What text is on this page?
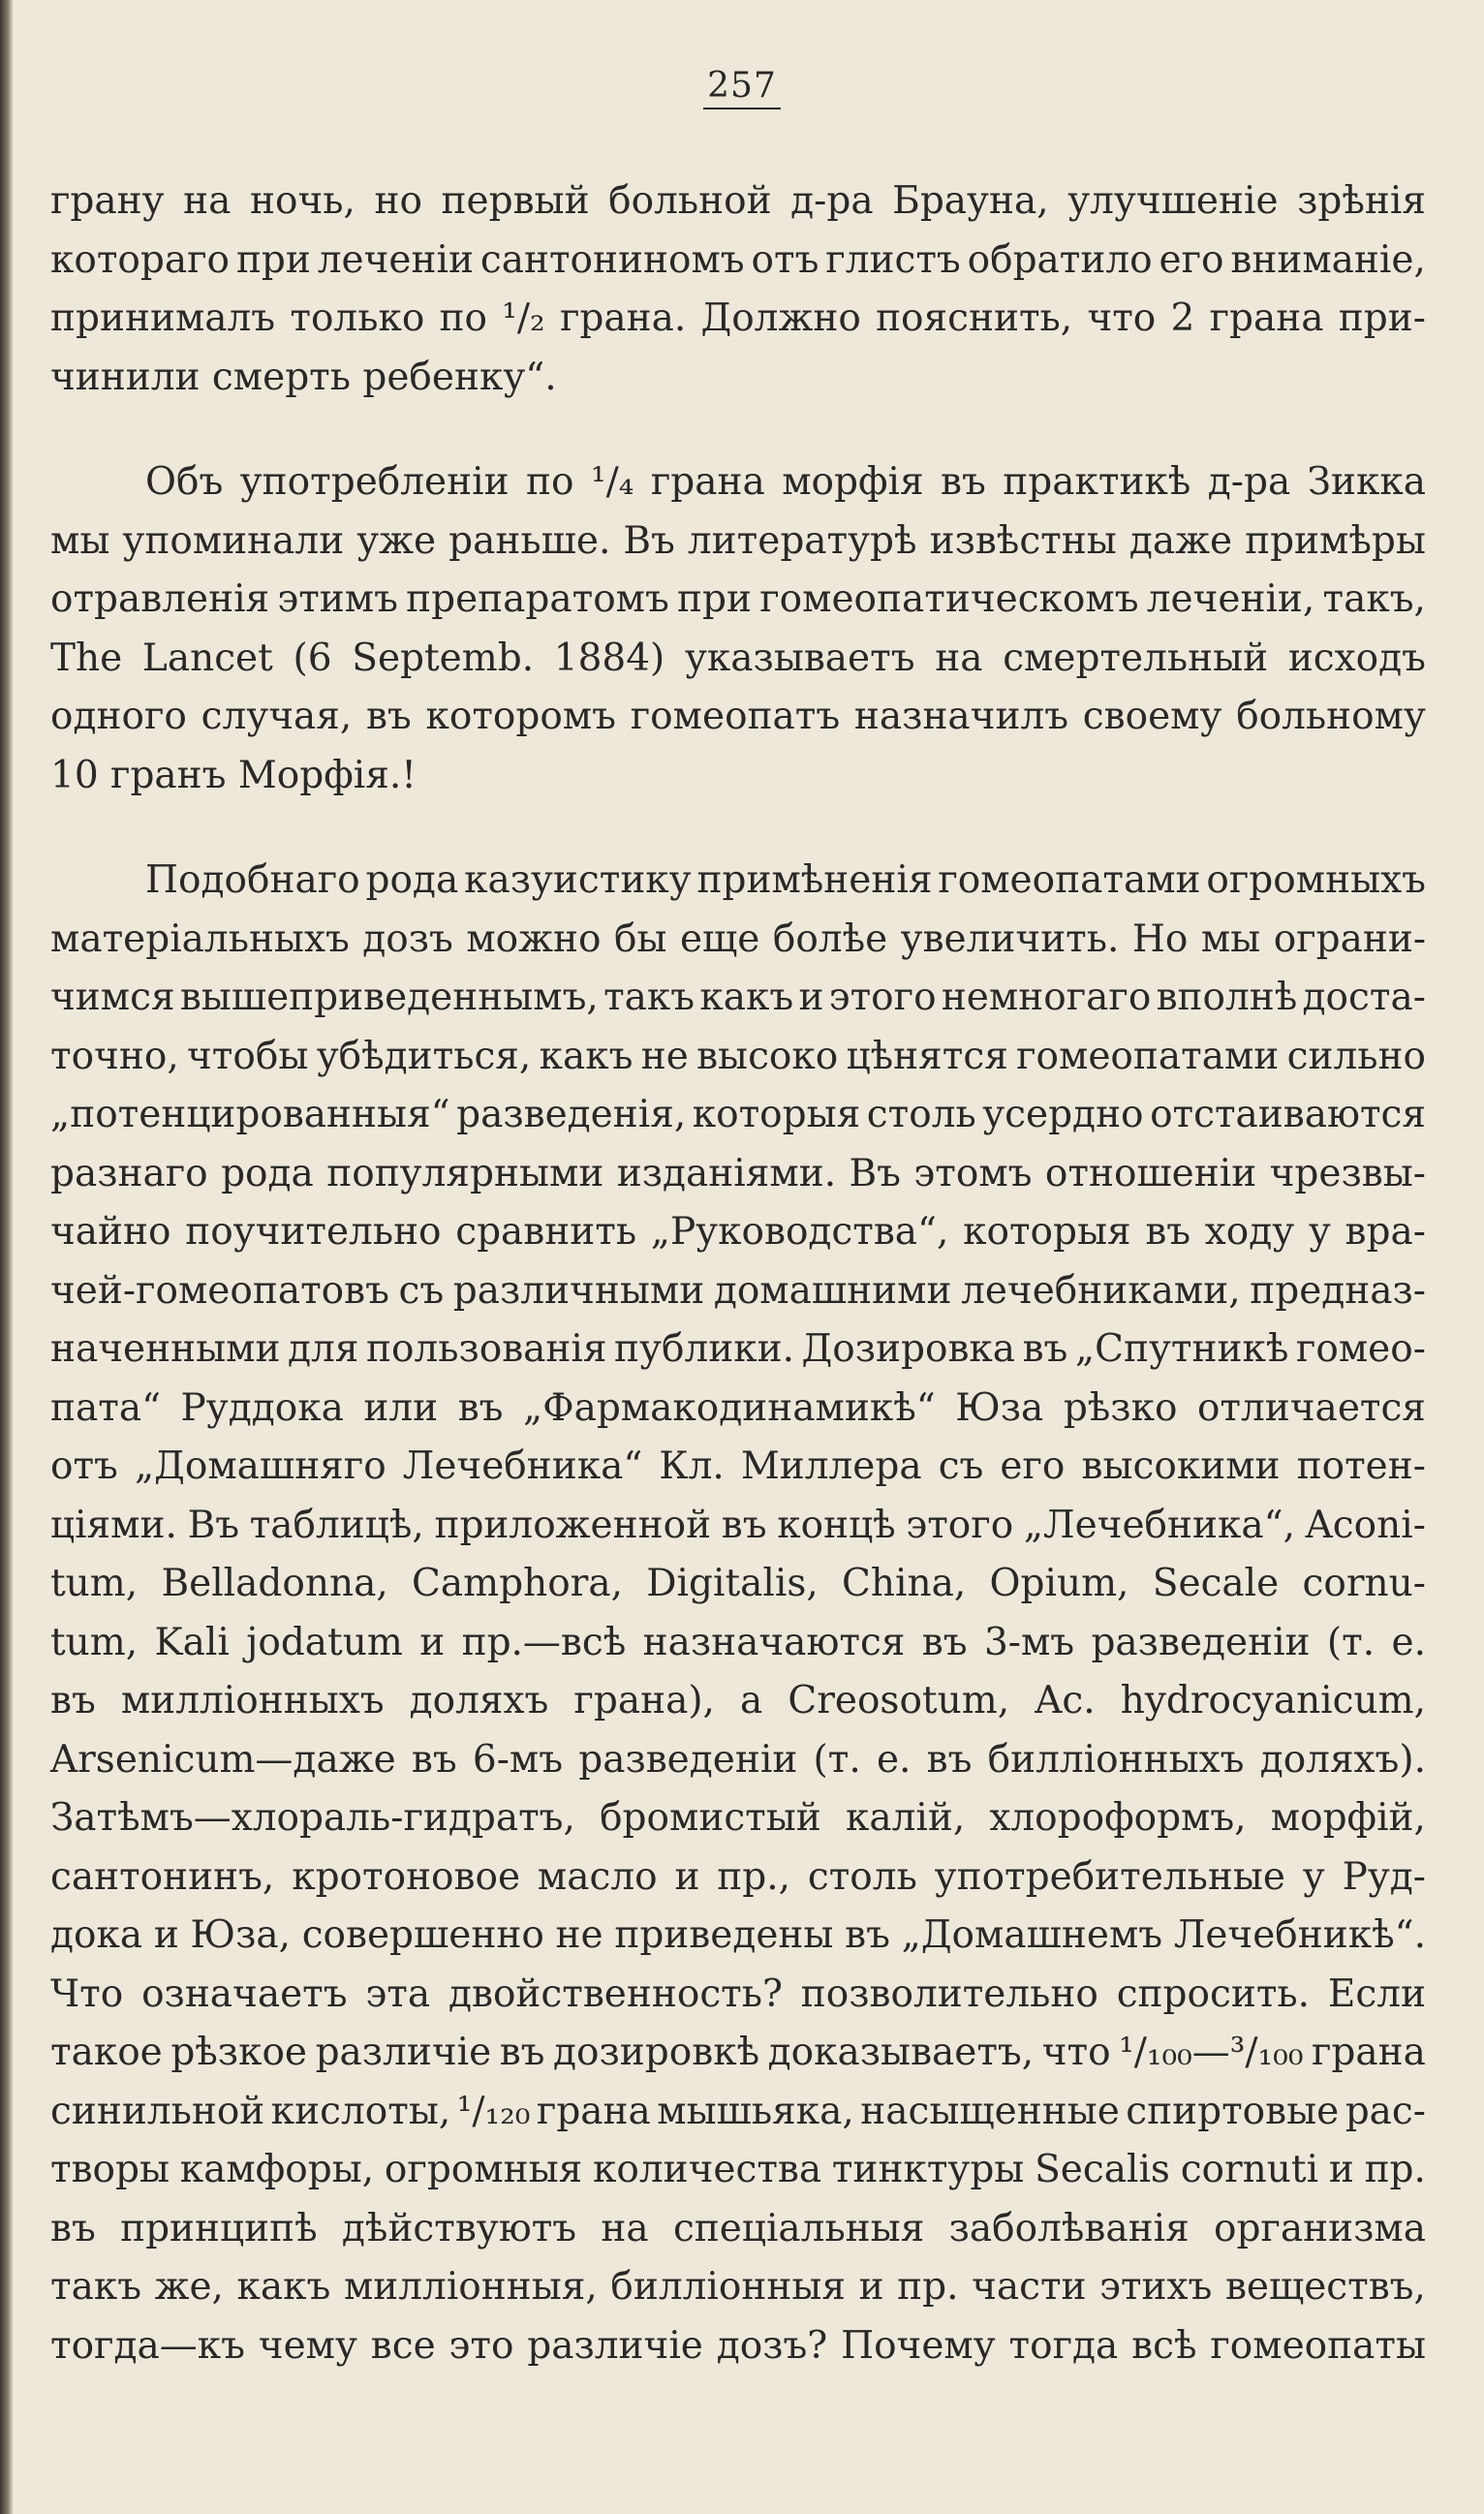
257
грану на ночь, но первый больной д-ра Брауна, улучшеніе зрѣнія
котораго при леченіи сантониномъ отъ глистъ обратило его вниманіе,
принималъ только по ¹/₂ грана. Должно пояснить, что 2 грана при-
чинили смерть ребенку“.
Объ употребленіи по ¹/₄ грана морфія въ практикѣ д-ра Зикка
мы упоминали уже раньше. Въ литературѣ извѣстны даже примѣры
отравленія этимъ препаратомъ при гомеопатическомъ леченіи, такъ,
The Lancet (6 Septemb. 1884) указываетъ на смертельный исходъ
одного случая, въ которомъ гомеопатъ назначилъ своему больному
10 гранъ Морфія.!
Подобнаго рода казуистику примѣненія гомеопатами огромныхъ
матеріальныхъ дозъ можно бы еще болѣе увеличить. Но мы ограни-
чимся вышеприведеннымъ, такъ какъ и этого немногаго вполнѣ доста-
точно, чтобы убѣдиться, какъ не высоко цѣнятся гомеопатами сильно
„потенцированныя“ разведенія, которыя столь усердно отстаиваются
разнаго рода популярными изданіями. Въ этомъ отношеніи чрезвы-
чайно поучительно сравнить „Руководства“, которыя въ ходу у вра-
чей-гомеопатовъ съ различными домашними лечебниками, предназ-
наченными для пользованія публики. Дозировка въ „Спутникѣ гомео-
пата“ Руддока или въ „Фармакодинамикѣ“ Юза рѣзко отличается
отъ „Домашняго Лечебника“ Кл. Миллера съ его высокими потен-
ціями. Въ таблицѣ, приложенной въ концѣ этого „Лечебника“, Aconi-
tum, Belladonna, Camphora, Digitalis, China, Opium, Secale cornu-
tum, Kali jodatum и пр.—всѣ назначаются въ 3-мъ разведеніи (т. е.
въ милліонныхъ доляхъ грана), а Creosotum, Ac. hydrocyanicum,
Arsenicum—даже въ 6-мъ разведеніи (т. е. въ билліонныхъ доляхъ).
Затѣмъ—хлораль-гидратъ, бромистый калій, хлороформъ, морфій,
сантонинъ, кротоновое масло и пр., столь употребительные у Руд-
дока и Юза, совершенно не приведены въ „Домашнемъ Лечебникѣ“.
Что означаетъ эта двойственность? позволительно спросить. Если
такое рѣзкое различіе въ дозировкѣ доказываетъ, что ¹/₁₀₀—³/₁₀₀ грана
синильной кислоты, ¹/₁₂₀ грана мышьяка, насыщенные спиртовые рас-
творы камфоры, огромныя количества тинктуры Secalis cornuti и пр.
въ принципѣ дѣйствуютъ на спеціальныя заболѣванія организма
такъ же, какъ милліонныя, билліонныя и пр. части этихъ веществъ,
тогда—къ чему все это различіе дозъ? Почему тогда всѣ гомеопаты
